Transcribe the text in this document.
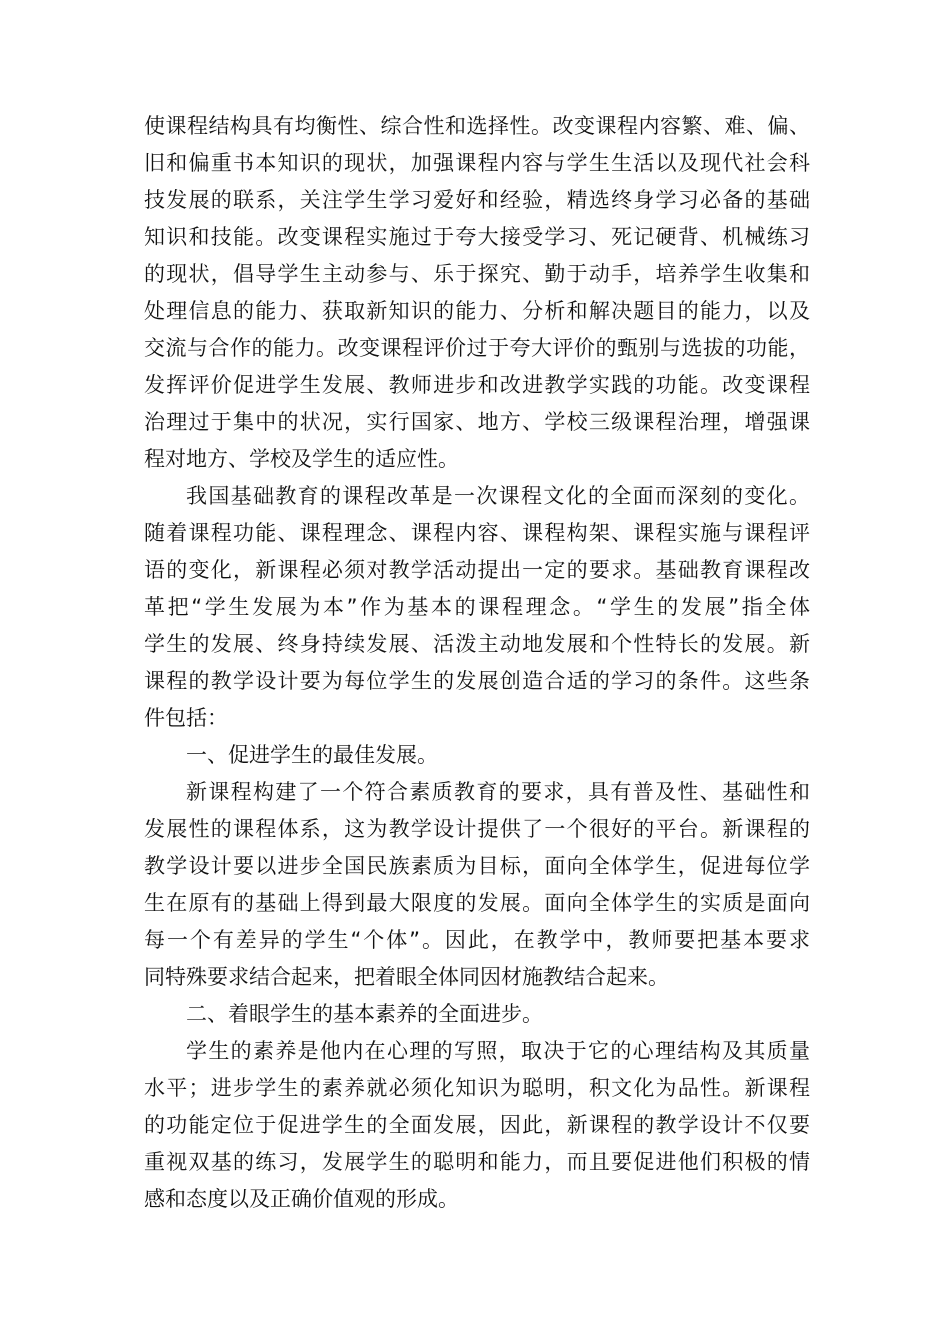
使课程结构具有均衡性、综合性和选择性。改变课程内容繁、难、偏、
旧和偏重书本知识的现状，加强课程内容与学生生活以及现代社会科
技发展的联系，关注学生学习爱好和经验，精选终身学习必备的基础
知识和技能。改变课程实施过于夸大接受学习、死记硬背、机械练习
的现状，倡导学生主动参与、乐于探究、勤于动手，培养学生收集和
处理信息的能力、获取新知识的能力、分析和解决题目的能力，以及
交流与合作的能力。改变课程评价过于夸大评价的甄别与选拔的功能，
发挥评价促进学生发展、教师进步和改进教学实践的功能。改变课程
治理过于集中的状况，实行国家、地方、学校三级课程治理，增强课
程对地方、学校及学生的适应性。
我国基础教育的课程改革是一次课程文化的全面而深刻的变化。
随着课程功能、课程理念、课程内容、课程构架、课程实施与课程评
语的变化，新课程必须对教学活动提出一定的要求。基础教育课程改
革把“学生发展为本”作为基本的课程理念。“学生的发展”指全体
学生的发展、终身持续发展、活泼主动地发展和个性特长的发展。新
课程的教学设计要为每位学生的发展创造合适的学习的条件。这些条
件包括：
一、促进学生的最佳发展。
新课程构建了一个符合素质教育的要求，具有普及性、基础性和
发展性的课程体系，这为教学设计提供了一个很好的平台。新课程的
教学设计要以进步全国民族素质为目标，面向全体学生，促进每位学
生在原有的基础上得到最大限度的发展。面向全体学生的实质是面向
每一个有差异的学生“个体”。因此，在教学中，教师要把基本要求
同特殊要求结合起来，把着眼全体同因材施教结合起来。
二、着眼学生的基本素养的全面进步。
学生的素养是他内在心理的写照，取决于它的心理结构及其质量
水平；进步学生的素养就必须化知识为聪明，积文化为品性。新课程
的功能定位于促进学生的全面发展，因此，新课程的教学设计不仅要
重视双基的练习，发展学生的聪明和能力，而且要促进他们积极的情
感和态度以及正确价值观的形成。
